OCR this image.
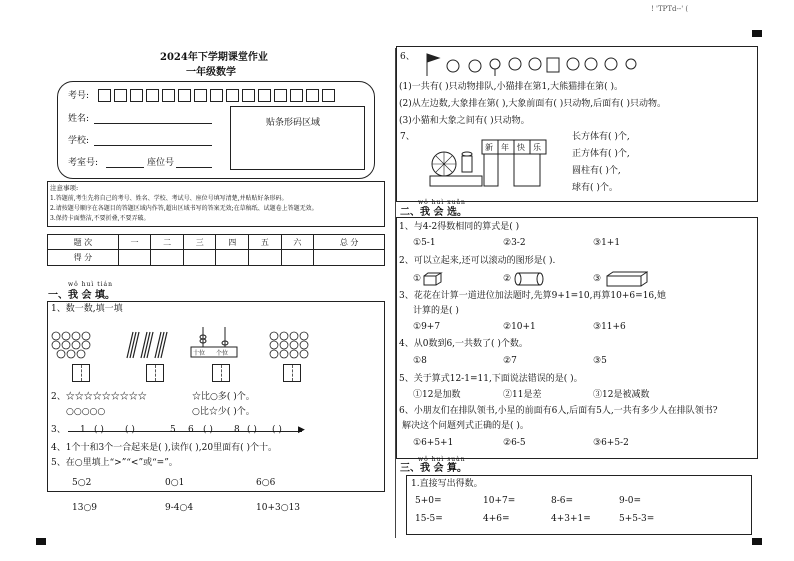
! 'TPTd--' (
2024年下学期课堂作业
一年级数学
考号:
姓名:
学校:
考室号:	座位号
贴条形码区域
注意事项:
1.答题前,考生先将自己的考号、姓名、学校、考试号、座位号填写清楚,并贴贴好条形码。
2.请按题号顺序在各题目的答题区域内作答,超出区域书写的答案无效;在草稿纸、试题卷上答题无效。
3.保持卡面整洁,不要折叠,不要弄破。
题 次	一	二	三	四	五	六	总 分
得 分							
wǒ huì tián
一、我 会 填。
1、数一数,填一填
十位 个位
2、☆☆☆☆☆☆☆☆☆	☆比○多( )个。
○○○○○	○比☆少( )个。
3、	▶
1 ( ) ( )	5 6 ( ) 8 ( ) ( )
4、1个十和3个一合起来是( ),读作( ),20里面有( )个十。
5、在○里填上“>”“<”或“=”。
5○2	0○1	6○6
13○9	9-4○4	10+3○13
6、
(1)一共有( )只动物排队,小猫排在第1,大熊猫排在第( )。
(2)从左边数,大象排在第( ),大象前面有( )只动物,后面有( )只动物。
(3)小猫和大象之间有( )只动物。
7、
新 年 快 乐
长方体有( )个,
正方体有( )个,
圆柱有( )个,
球有( )个。
wǒ huì xuǎn
二、我 会 选。
1、与4-2得数相同的算式是( )
①5-1	②3-2	③1+1
2、可以立起来,还可以滚动的图形是( ).
①	②	③
3、花花在计算一道进位加法题时,先算9+1=10,再算10+6=16,她
计算的是( )
①9+7	②10+1	③11+6
4、从0数到6,一共数了( )个数。
①8	②7	③5
5、关于算式12-1=11,下面说法错误的是( )。
①12是加数	②11是差	③12是被减数
6、小朋友们在排队领书,小星的前面有6人,后面有5人,一共有多少人在排队领书?
解决这个问题列式正确的是( )。
①6+5+1	②6-5	③6+5-2
wǒ huì suàn
三、我 会 算。
1.直接写出得数。
5+0=	10+7=	8-6=	9-0=
15-5=	4+6=	4+3+1=	5+5-3=
